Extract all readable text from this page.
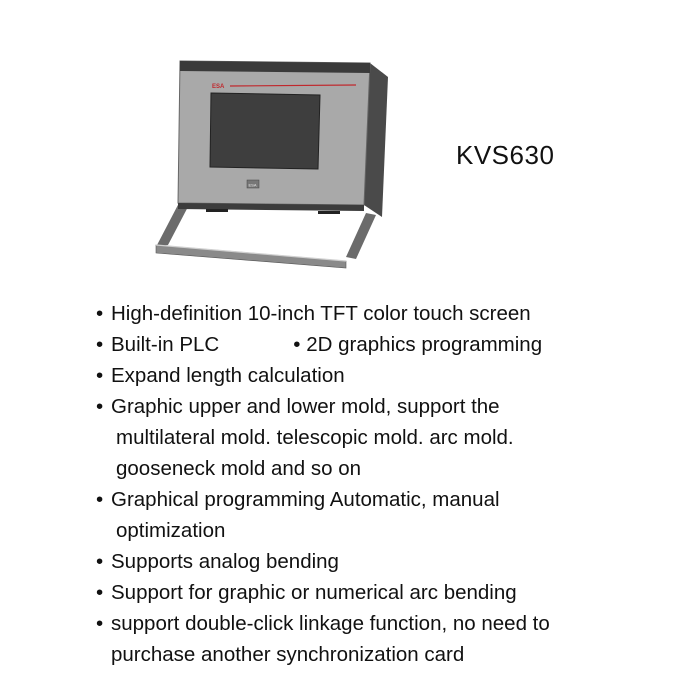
ESA
ESA
KVS630
• High-definition 10-inch TFT color touch screen
• Built-in PLC
•	2D graphics programming
• Expand length calculation
• Graphic upper and lower mold, support the
multilateral mold. telescopic mold. arc mold.
gooseneck mold and so on
• Graphical programming Automatic, manual
optimization
• Supports analog bending
• Support for graphic or numerical arc bending
• support double-click linkage function, no need to
purchase another synchronization card
